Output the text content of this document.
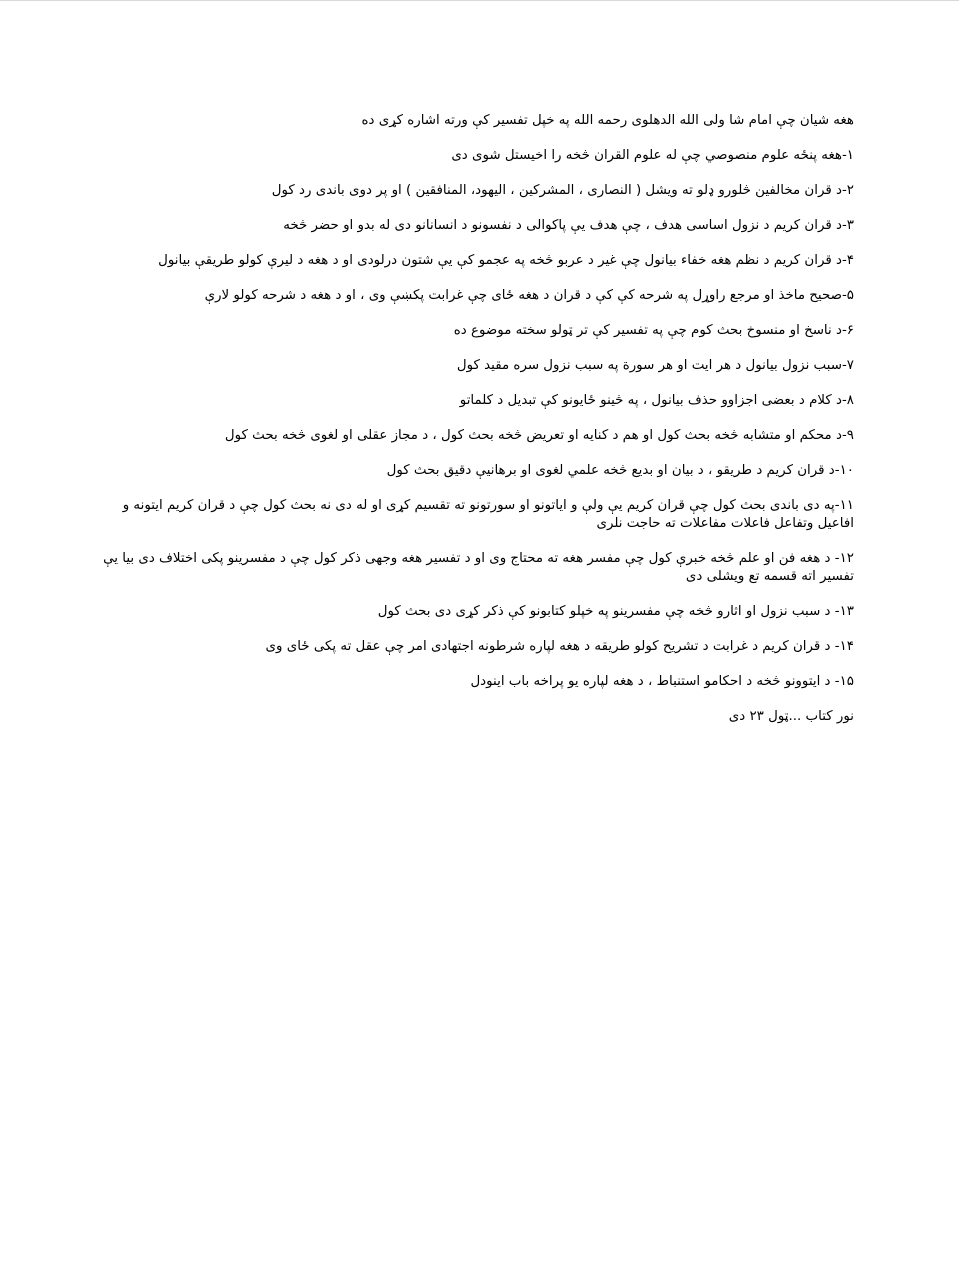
هغه شيان چې امام شا ولی الله الدهلوی رحمه الله په خپل تفسیر کې ورته اشاره کړی ده

۱-هغه پنځه علوم منصوصي چې له علوم القران څخه را اخيستل شوی دی

۲-د قران مخالفين څلورو ډلو ته ويشل ( النصارى ، المشركين ، اليهود، المنافقين ) او پر دوی باندی رد کول

۳-د قران کريم د نزول اساسی هدف ، چې هدف يې پاکوالی د نفسونو د انسانانو دی له بدو او حضر څخه

۴-د قران کريم د نظم هغه خفاء بيانول چې غير د عربو څخه په عجمو کې يې شتون درلودی او د هغه د ليرې کولو طريقې بيانول

۵-صحيح ماخذ او مرجع راوړل په شرحه کې کې د قران د هغه ځای چې غرابت پکښې وی ، او د هغه د شرحه کولو لارې

۶-د ناسخ او منسوخ بحث کوم چې په تفسير کې تر ټولو سخته موضوع ده

۷-سبب نزول بيانول د هر ايت او هر سورة په سبب نزول سره مقيد کول

۸-د کلام د بعضی اجزاوو حذف بيانول ، په څينو ځايونو کې تبديل د کلماتو

۹-د محکم او متشابه څخه بحث کول او هم د کنايه او تعريض څخه بحث کول ، د مجاز عقلی او لغوی څخه بحث کول

۱۰-د قران کريم د طريقو ، د بيان او بديع څخه علمي لغوی او برهانيې دقيق بحث کول

۱۱-په دی باندی بحث کول چې قران کريم يې ولې و اياتونو او سورتونو ته تقسيم کړی او له دی نه بحث کول چې د قران کريم ايتونه و افاعيل وتفاعل فاعلات مفاعلات ته حاجت نلری

۱۲- د هغه فن او علم څخه خبرې کول چې مفسر هغه ته محتاج وی او د تفسير هغه وجهی ذکر کول چې د مفسرينو پکی اختلاف دی بيا يې تفسير اته قسمه تع ويشلی دی

۱۳- د سبب نزول او اثارو څخه چې مفسرينو په خپلو کتابونو کې ذکر کړی دی بحث کول

۱۴- د قران کريم د غرابت د تشريح کولو طريقه د هغه لپاره شرطونه اجتهادی امر چې عقل ته پکی ځای وی

۱۵- د ايتوونو څخه د احکامو استنباط ، د هغه لپاره يو پراخه باب اينودل

نور کتاب ...ټول ۲۳ دی
